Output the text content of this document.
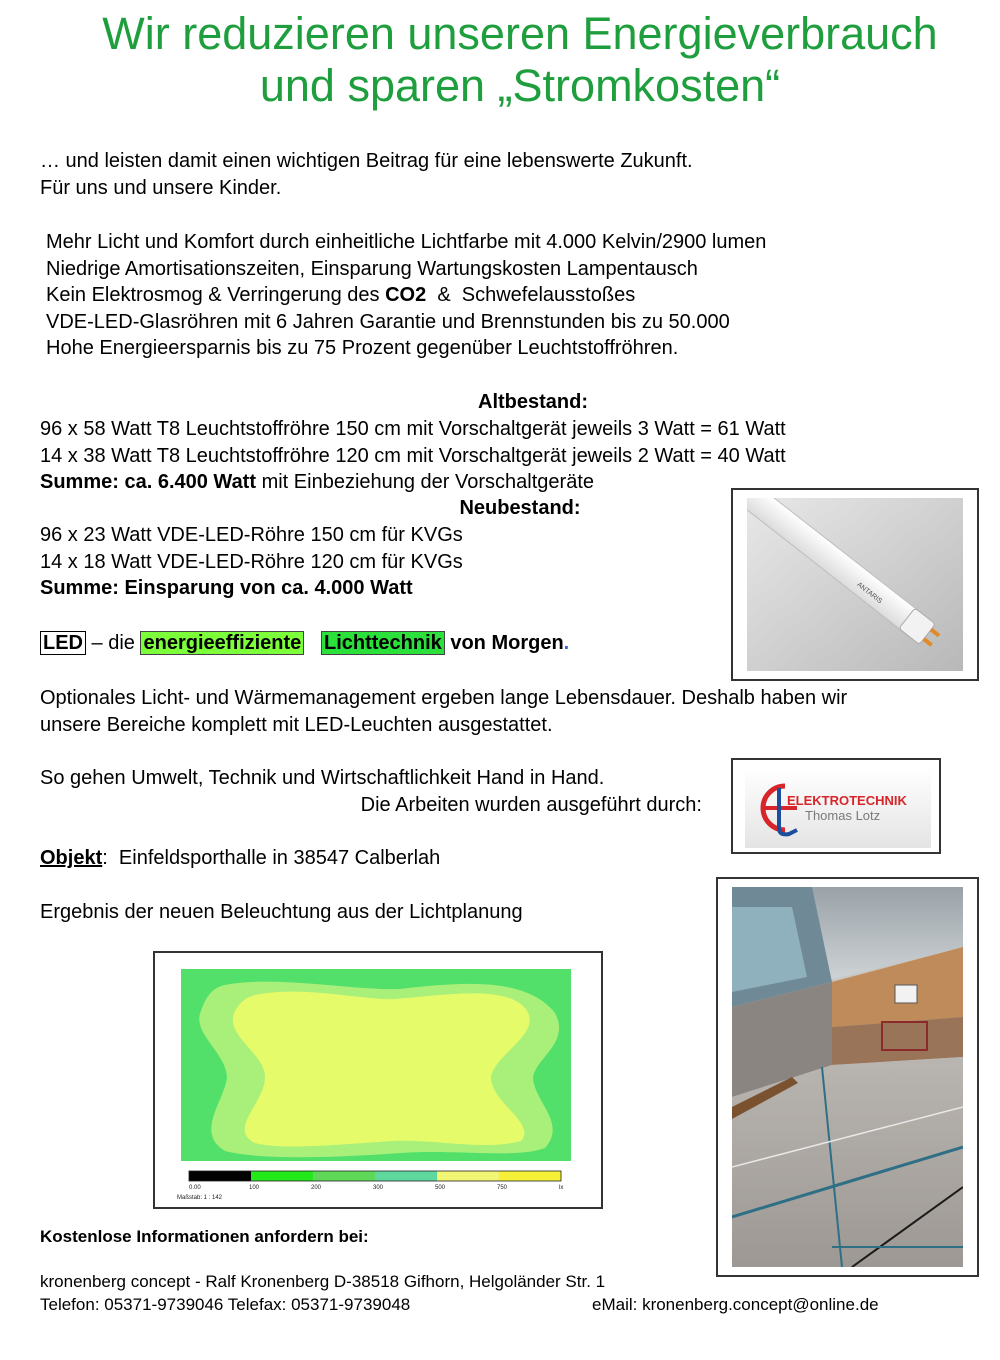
Wir reduzieren unseren Energieverbrauch
und sparen „Stromkosten“
… und leisten damit einen wichtigen Beitrag für eine lebenswerte Zukunft.
Für uns und unsere Kinder.
Mehr Licht und Komfort durch einheitliche Lichtfarbe mit 4.000 Kelvin/2900 lumen
Niedrige Amortisationszeiten, Einsparung Wartungskosten Lampentausch
Kein Elektrosmog & Verringerung des CO2  &  Schwefelausstoßes
VDE-LED-Glasröhren mit 6 Jahren Garantie und Brennstunden bis zu 50.000
Hohe Energieersparnis bis zu 75 Prozent gegenüber Leuchtstoffröhren.
Altbestand:
96 x 58 Watt T8 Leuchtstoffröhre 150 cm mit Vorschaltgerät jeweils 3 Watt = 61 Watt
14 x 38 Watt T8 Leuchtstoffröhre 120 cm mit Vorschaltgerät jeweils 2 Watt = 40 Watt
Summe: ca. 6.400 Watt mit Einbeziehung der Vorschaltgeräte
Neubestand:
96 x 23 Watt VDE-LED-Röhre 150 cm für KVGs
14 x 18 Watt VDE-LED-Röhre 120 cm für KVGs
Summe: Einsparung von ca. 4.000 Watt	ANTARIS
LED – die energieeffiziente Lichttechnik von Morgen.
Optionales Licht- und Wärmemanagement ergeben lange Lebensdauer. Deshalb haben wir
unsere Bereiche komplett mit LED-Leuchten ausgestattet.
So gehen Umwelt, Technik und Wirtschaftlichkeit Hand in Hand.
Die Arbeiten wurden ausgeführt durch:	ELEKTROTECHNIK
Thomas Lotz
Objekt:  Einfeldsporthalle in 38547 Calberlah
Ergebnis der neuen Beleuchtung aus der Lichtplanung
0.00	100	200	300	500	750	lx
Maßstab: 1 : 142
Kostenlose Informationen anfordern bei:
kronenberg concept - Ralf Kronenberg D-38518 Gifhorn, Helgoländer Str. 1
Telefon: 05371-9739046 Telefax: 05371-9739048	eMail: kronenberg.concept@online.de
